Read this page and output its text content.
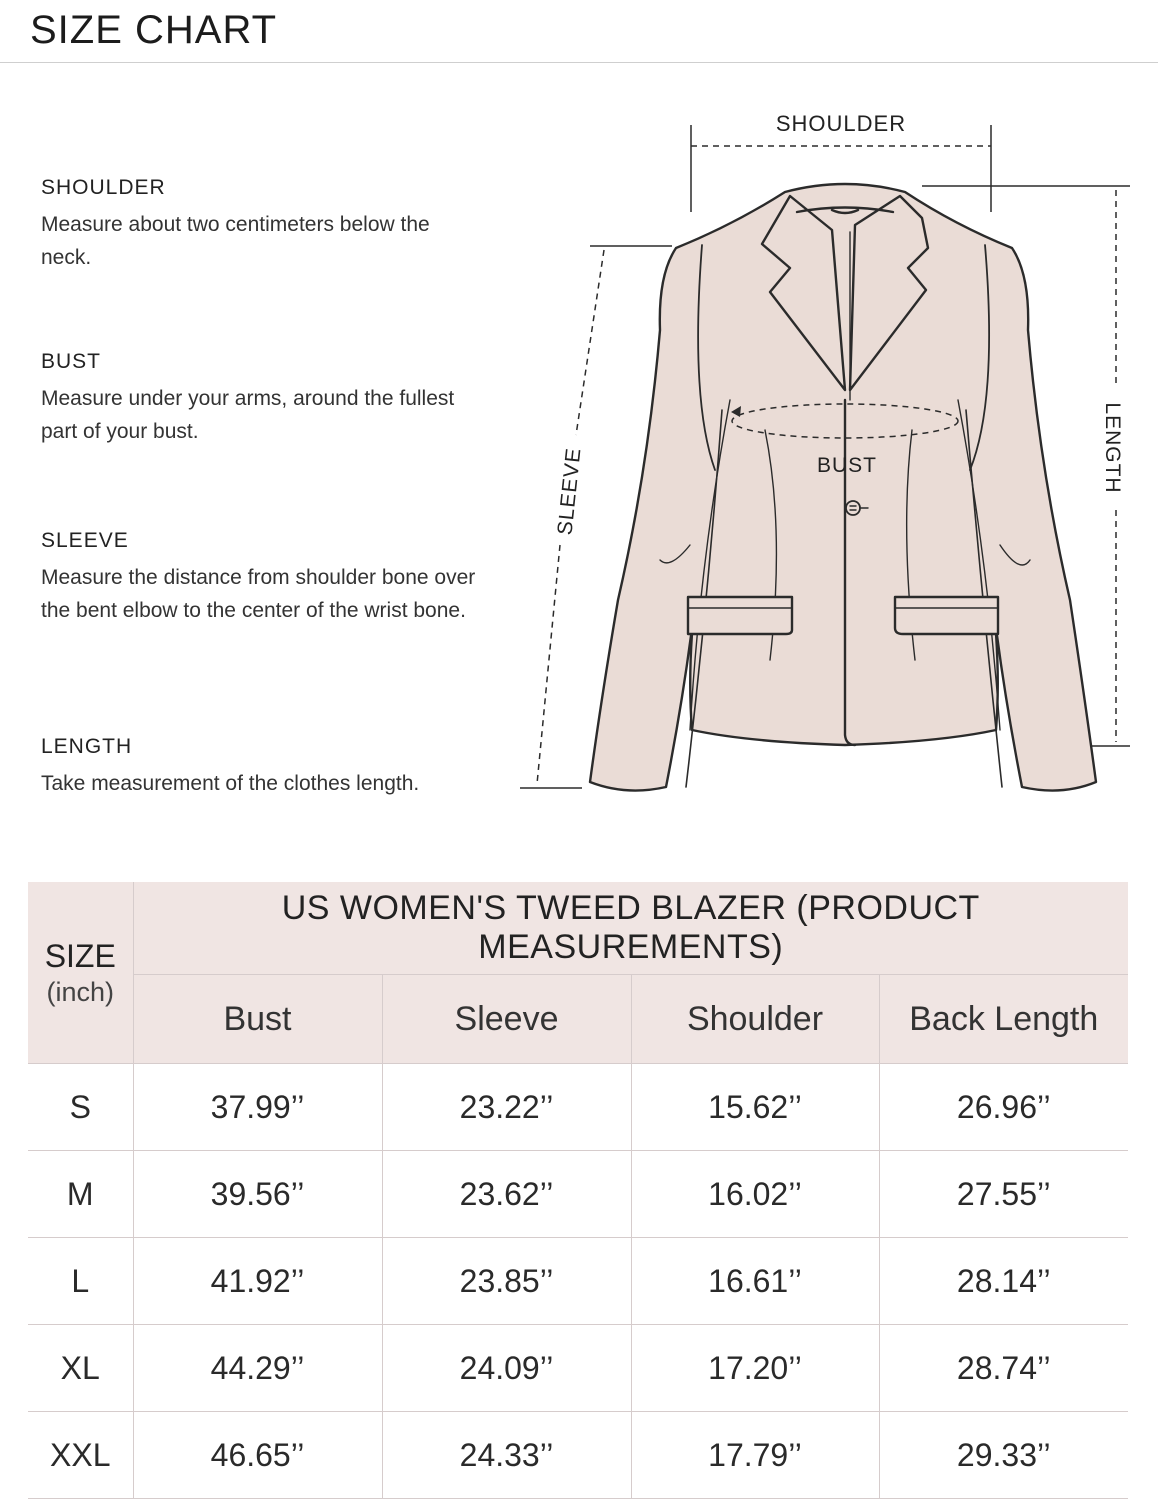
SIZE CHART
SHOULDER
Measure about two centimeters below the neck.
BUST
Measure under your arms, around the fullest part of your bust.
SLEEVE
Measure the distance from shoulder bone over the bent elbow to the center of the wrist bone.
LENGTH
Take measurement of the clothes length.
SHOULDER
BUST	LENGTH
SLEEVE
SIZE
(inch)	US WOMEN'S TWEED BLAZER (PRODUCT MEASUREMENTS)			
	Bust	Sleeve	Shoulder	Back Length
S	37.99’’	23.22’’	15.62’’	26.96’’
M	39.56’’	23.62’’	16.02’’	27.55’’
L	41.92’’	23.85’’	16.61’’	28.14’’
XL	44.29’’	24.09’’	17.20’’	28.74’’
XXL	46.65’’	24.33’’	17.79’’	29.33’’
